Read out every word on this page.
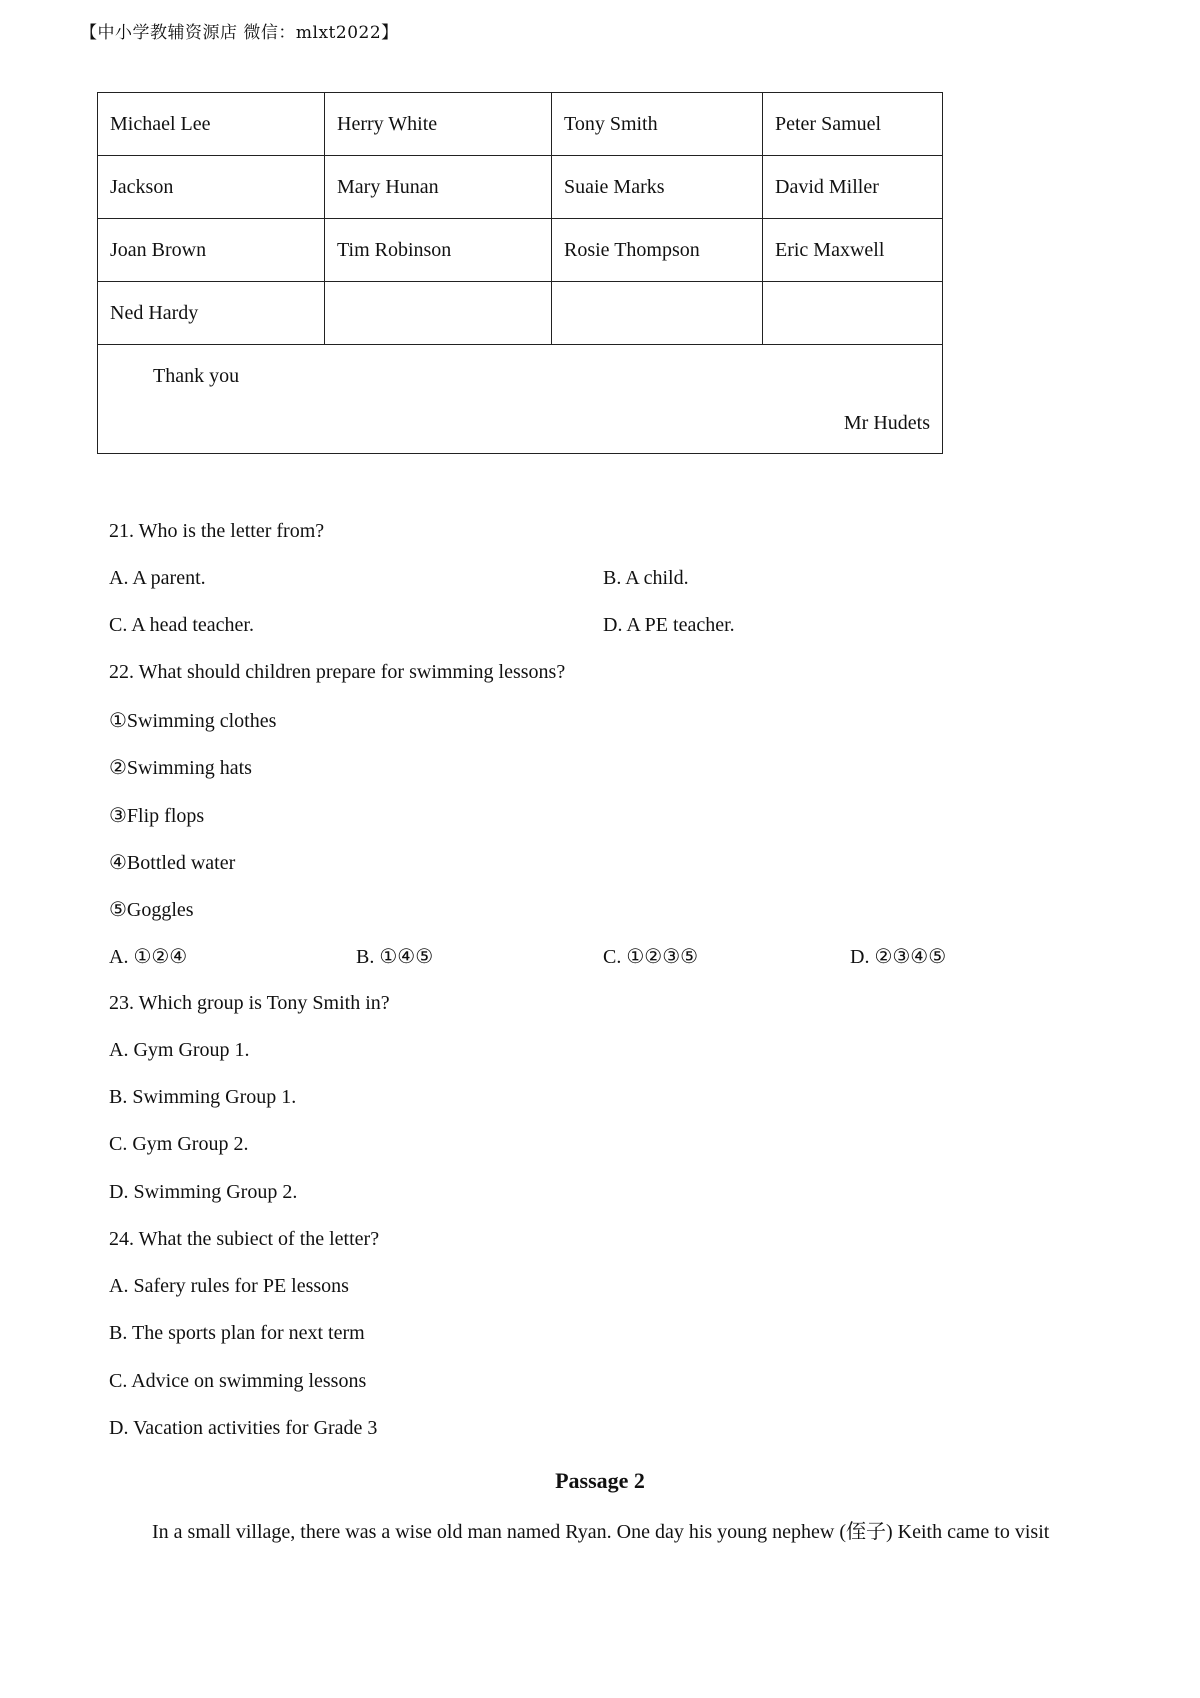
【中小学教辅资源店 微信：mlxt2022】
Michael Lee	Herry White	Tony Smith	Peter Samuel
Jackson	Mary Hunan	Suaie Marks	David Miller
Joan Brown	Tim Robinson	Rosie Thompson	Eric Maxwell
Ned Hardy			

Thank you
Mr Hudets			
21. Who is the letter from?
A. A parent.	B. A child.
C. A head teacher.	D. A PE teacher.
22. What should children prepare for swimming lessons?
①Swimming clothes
②Swimming hats
③Flip flops
④Bottled water
⑤Goggles
A. ①②④	B. ①④⑤	C. ①②③⑤	D. ②③④⑤
23. Which group is Tony Smith in?
A. Gym Group 1.
B. Swimming Group 1.
C. Gym Group 2.
D. Swimming Group 2.
24. What the subiect of the letter?
A. Safery rules for PE lessons
B. The sports plan for next term
C. Advice on swimming lessons
D. Vacation activities for Grade 3
Passage 2
In a small village, there was a wise old man named Ryan. One day his young nephew (侄子) Keith came to visit
